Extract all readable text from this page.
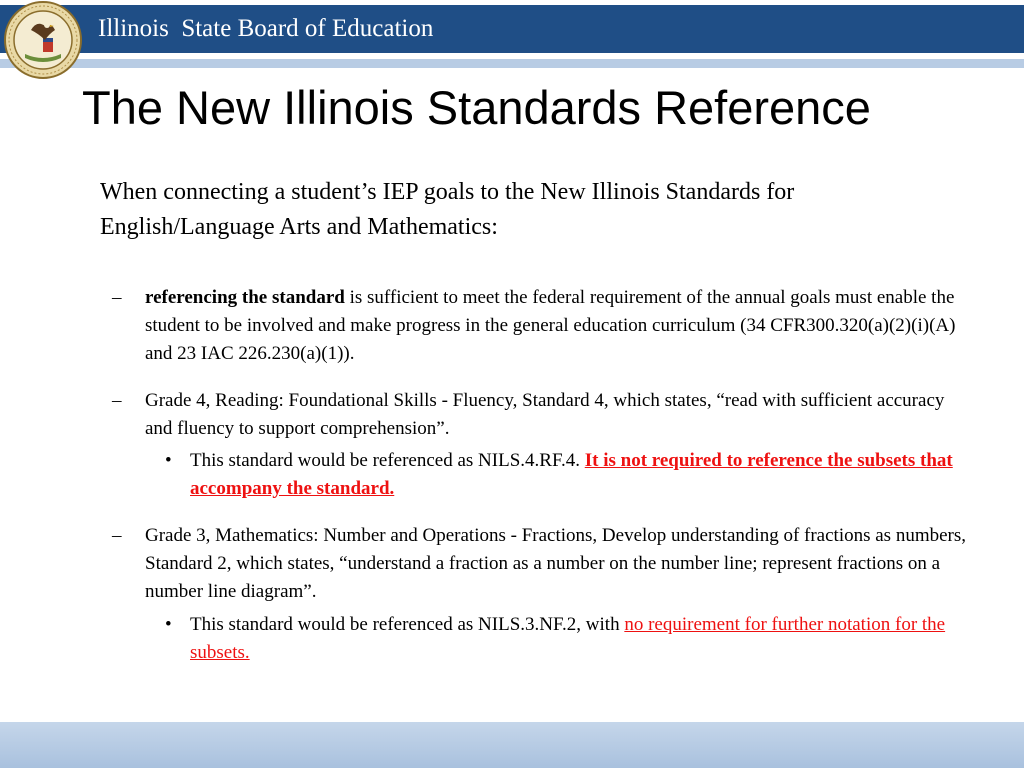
Illinois  State Board of Education
The New Illinois Standards Reference
When connecting a student’s IEP goals to the New Illinois Standards for English/Language Arts and Mathematics:
–	referencing the standard is sufficient to meet the federal requirement of the annual goals must enable the student to be involved and make progress in the general education curriculum (34 CFR300.320(a)(2)(i)(A) and 23 IAC 226.230(a)(1)).
–	Grade 4, Reading: Foundational Skills - Fluency, Standard 4, which states, “read with sufficient accuracy and fluency to support comprehension”.
• This standard would be referenced as NILS.4.RF.4. It is not required to reference the subsets that accompany the standard.
–	Grade 3, Mathematics: Number and Operations - Fractions, Develop understanding of fractions as numbers, Standard 2, which states, “understand a fraction as a number on the number line; represent fractions on a number line diagram”.
• This standard would be referenced as NILS.3.NF.2, with no requirement for further notation for the subsets.
